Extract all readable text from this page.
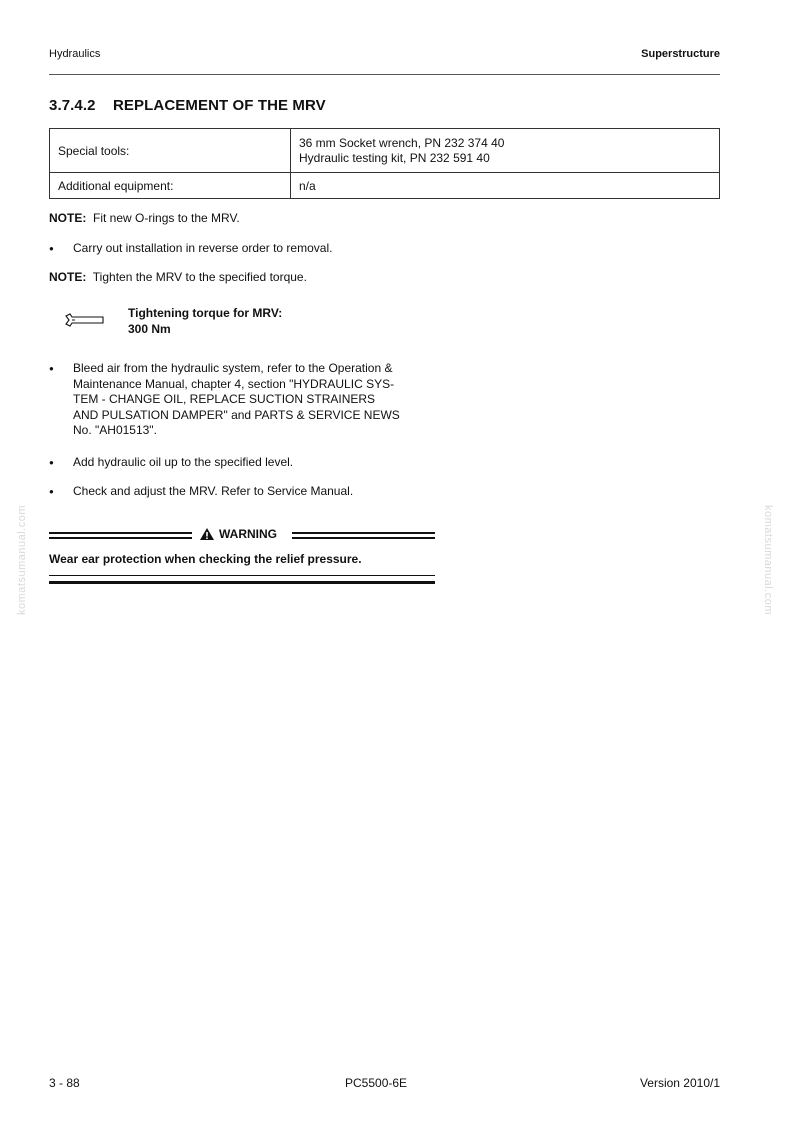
Hydraulics	Superstructure
3.7.4.2 REPLACEMENT OF THE MRV
Special tools:	36 mm Socket wrench, PN 232 374 40
Hydraulic testing kit, PN 232 591 40

Additional equipment:	n/a
NOTE: Fit new O-rings to the MRV.
●	Carry out installation in reverse order to removal.
NOTE: Tighten the MRV to the specified torque.
Tightening torque for MRV:
300 Nm
●	Bleed air from the hydraulic system, refer to the Operation &
Maintenance Manual, chapter 4, section "HYDRAULIC SYS-
TEM - CHANGE OIL, REPLACE SUCTION STRAINERS
AND PULSATION DAMPER" and PARTS & SERVICE NEWS
No. "AH01513".
●	Add hydraulic oil up to the specified level.
●	Check and adjust the MRV. Refer to Service Manual.
WARNING
Wear ear protection when checking the relief pressure.
komatsumanual.com	komatsumanual.com
3 - 88	PC5500-6E	Version 2010/1
